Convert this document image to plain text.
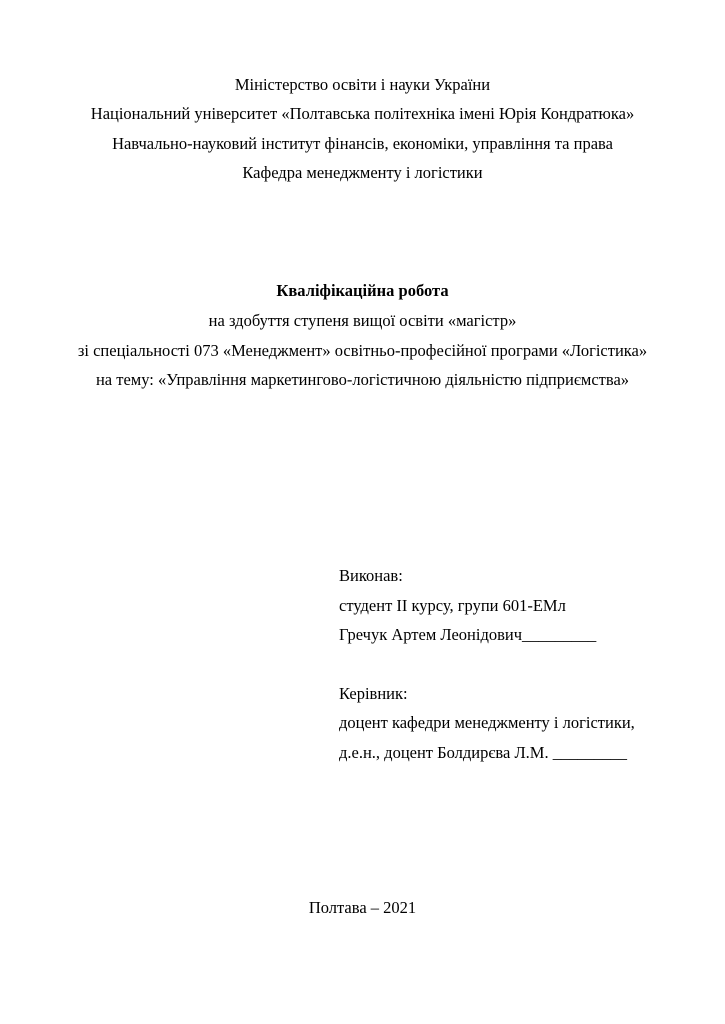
Міністерство освіти і науки України
Національний університет «Полтавська політехніка імені Юрія Кондратюка»
Навчально-науковий інститут фінансів, економіки, управління та права
Кафедра менеджменту і логістики
Кваліфікаційна робота
на здобуття ступеня вищої освіти «магістр»
зі спеціальності 073 «Менеджмент» освітньо-професійної програми «Логістика»
на тему: «Управління маркетингово-логістичною діяльністю підприємства»
Виконав:
студент ІІ курсу, групи 601-ЕМл
Гречук Артем Леонідович_________
Керівник:
доцент кафедри менеджменту і логістики,
д.е.н., доцент Болдирєва Л.М. _________
Полтава – 2021
